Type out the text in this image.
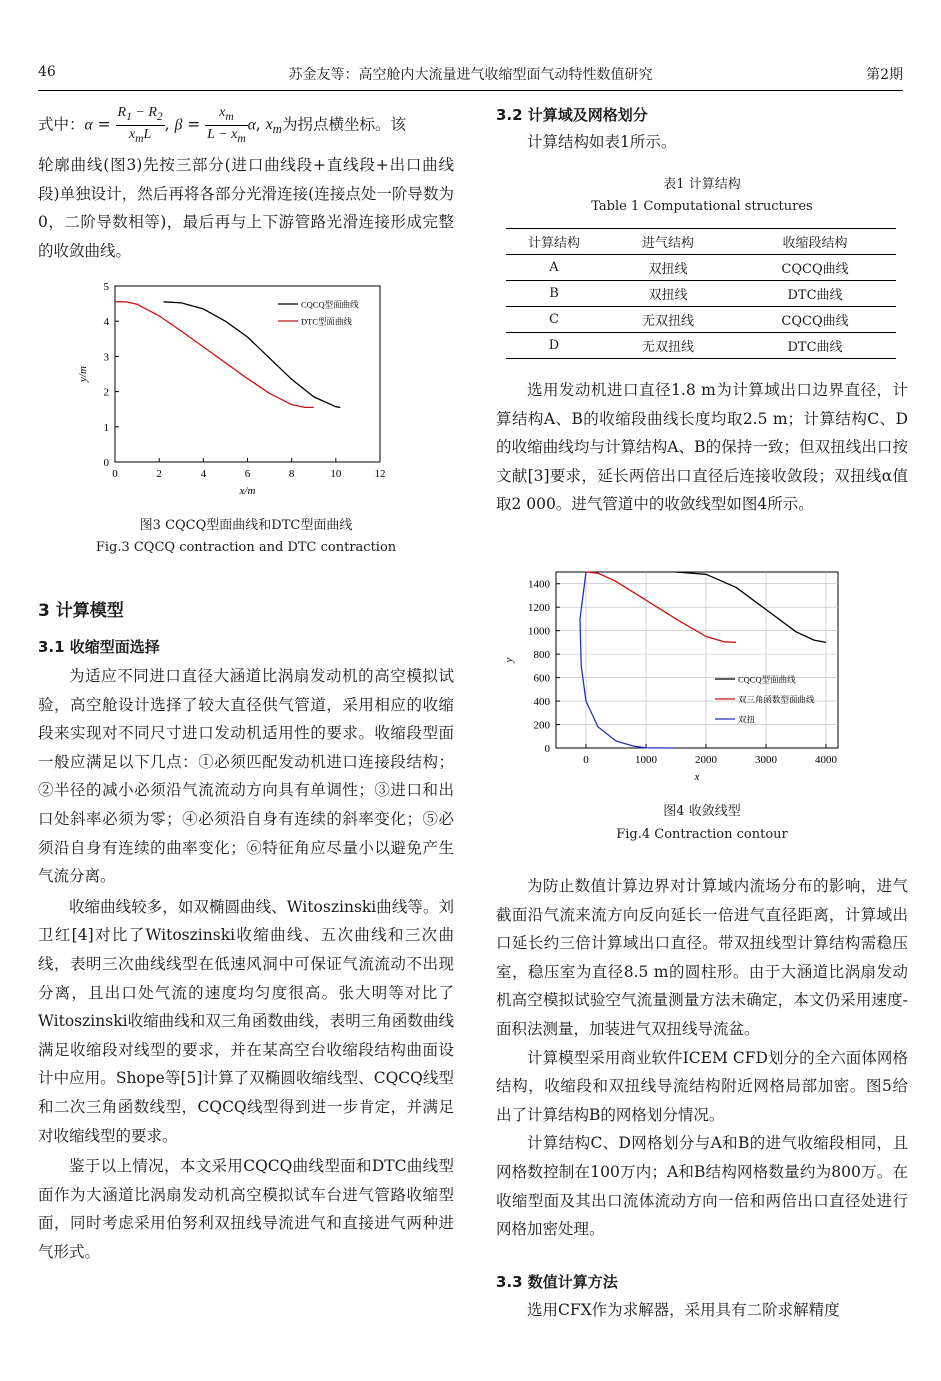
46	苏金友等：高空舱内大流量进气收缩型面气动特性数值研究	第2期
式中：$\alpha = \frac{R_1 - R_2}{x_mL}$ , $\beta = \frac{x_m}{L - x_m} \alpha$, $x_m$为拐点横坐标。该

轮廓曲线(图3)先按三部分(进口曲线段+直线段+出口曲线段)单独设计，然后再将各部分光滑连接(连接点处一阶导数为0，二阶导数相等)，最后再与上下游管路光滑连接形成完整的收敛曲线。

0	2	4	6	8	10	12
0
1
2
3
4
5
x/m
y/m
CQCQ型面曲线
DTC型面曲线
图3 CQCQ型面曲线和DTC型面曲线
Fig.3 CQCQ contraction and DTC contraction
3 计算模型
3.1 收缩型面选择

为适应不同进口直径大涵道比涡扇发动机的高空模拟试验，高空舱设计选择了较大直径供气管道，采用相应的收缩段来实现对不同尺寸进口发动机适用性的要求。收缩段型面一般应满足以下几点：①必须匹配发动机进口连接段结构；②半径的减小必须沿气流流动方向具有单调性；③进口和出口处斜率必须为零；④必须沿自身有连续的斜率变化；⑤必须沿自身有连续的曲率变化；⑥特征角应尽量小以避免产生气流分离。

收缩曲线较多，如双椭圆曲线、Witoszinski曲线等。刘卫红[4]对比了Witoszinski收缩曲线、五次曲线和三次曲线，表明三次曲线线型在低速风洞中可保证气流流动不出现分离，且出口处气流的速度均匀度很高。张大明等对比了Witoszinski收缩曲线和双三角函数曲线，表明三角函数曲线满足收缩段对线型的要求，并在某高空台收缩段结构曲面设计中应用。Shope等[5]计算了双椭圆收缩线型、CQCQ线型和二次三角函数线型，CQCQ线型得到进一步肯定，并满足对收缩线型的要求。

鉴于以上情况，本文采用CQCQ曲线型面和DTC曲线型面作为大涵道比涡扇发动机高空模拟试车台进气管路收缩型面，同时考虑采用伯努利双扭线导流进气和直接进气两种进气形式。

3.2 计算域及网格划分

计算结构如表1所示。

表1 计算结构
Table 1 Computational structures
计算结构	进气结构	收缩段结构
A	双扭线	CQCQ曲线
B	双扭线	DTC曲线
C	无双扭线	CQCQ曲线
D	无双扭线	DTC曲线

选用发动机进口直径1.8 m为计算域出口边界直径，计算结构A、B的收缩段曲线长度均取2.5 m；计算结构C、D的收缩曲线均与计算结构A、B的保持一致；但双扭线出口按文献[3]要求，延长两倍出口直径后连接收敛段；双扭线α值取2 000。进气管道中的收敛线型如图4所示。

0	1000	2000	3000	4000
0
200
400
600
800
1000
1200
1400
x
y
CQCQ型面曲线
双三角函数型面曲线
双扭
图4 收敛线型
Fig.4 Contraction contour

为防止数值计算边界对计算域内流场分布的影响，进气截面沿气流来流方向反向延长一倍进气直径距离，计算域出口延长约三倍计算域出口直径。带双扭线型计算结构需稳压室，稳压室为直径8.5 m的圆柱形。由于大涵道比涡扇发动机高空模拟试验空气流量测量方法未确定，本文仍采用速度-面积法测量，加装进气双扭线导流盆。

计算模型采用商业软件ICEM CFD划分的全六面体网格结构，收缩段和双扭线导流结构附近网格局部加密。图5给出了计算结构B的网格划分情况。

计算结构C、D网格划分与A和B的进气收缩段相同，且网格数控制在100万内；A和B结构网格数量约为800万。在收缩型面及其出口流体流动方向一倍和两倍出口直径处进行网格加密处理。

3.3 数值计算方法

选用CFX作为求解器，采用具有二阶求解精度
